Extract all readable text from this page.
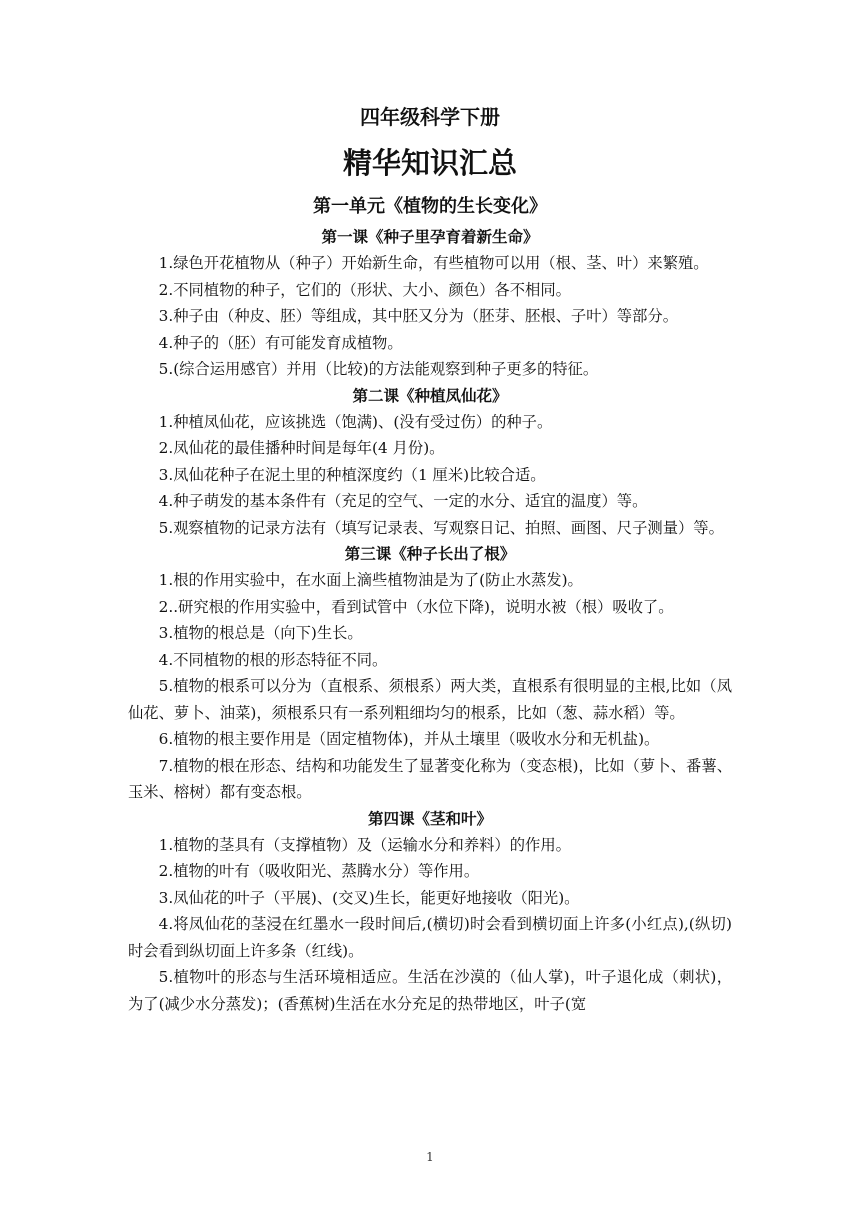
四年级科学下册
精华知识汇总
第一单元《植物的生长变化》
第一课《种子里孕育着新生命》

1.绿色开花植物从（种子）开始新生命，有些植物可以用（根、茎、叶）来繁殖。

2.不同植物的种子，它们的（形状、大小、颜色）各不相同。

3.种子由（种皮、胚）等组成，其中胚又分为（胚芽、胚根、子叶）等部分。

4.种子的（胚）有可能发育成植物。

5.(综合运用感官）并用（比较)的方法能观察到种子更多的特征。

第二课《种植凤仙花》

1.种植凤仙花，应该挑选（饱满)、(没有受过伤）的种子。

2.凤仙花的最佳播种时间是每年(4 月份)。

3.凤仙花种子在泥土里的种植深度约（1 厘米)比较合适。

4.种子萌发的基本条件有（充足的空气、一定的水分、适宜的温度）等。

5.观察植物的记录方法有（填写记录表、写观察日记、拍照、画图、尺子测量）等。

第三课《种子长出了根》

1.根的作用实验中，在水面上滴些植物油是为了(防止水蒸发)。

2..研究根的作用实验中，看到试管中（水位下降)，说明水被（根）吸收了。

3.植物的根总是（向下)生长。

4.不同植物的根的形态特征不同。

5.植物的根系可以分为（直根系、须根系）两大类，直根系有很明显的主根,比如（凤仙花、萝卜、油菜)，须根系只有一系列粗细均匀的根系，比如（葱、蒜水稻）等。

6.植物的根主要作用是（固定植物体)，并从土壤里（吸收水分和无机盐)。

7.植物的根在形态、结构和功能发生了显著变化称为（变态根)，比如（萝卜、番薯、玉米、榕树）都有变态根。

第四课《茎和叶》

1.植物的茎具有（支撑植物）及（运输水分和养料）的作用。

2.植物的叶有（吸收阳光、蒸腾水分）等作用。

3.凤仙花的叶子（平展)、(交叉)生长，能更好地接收（阳光)。

4.将凤仙花的茎浸在红墨水一段时间后,(横切)时会看到横切面上许多(小红点),(纵切)时会看到纵切面上许多条（红线)。

5.植物叶的形态与生活环境相适应。生活在沙漠的（仙人掌)，叶子退化成（刺状)，为了(减少水分蒸发)；(香蕉树)生活在水分充足的热带地区，叶子(宽

1
